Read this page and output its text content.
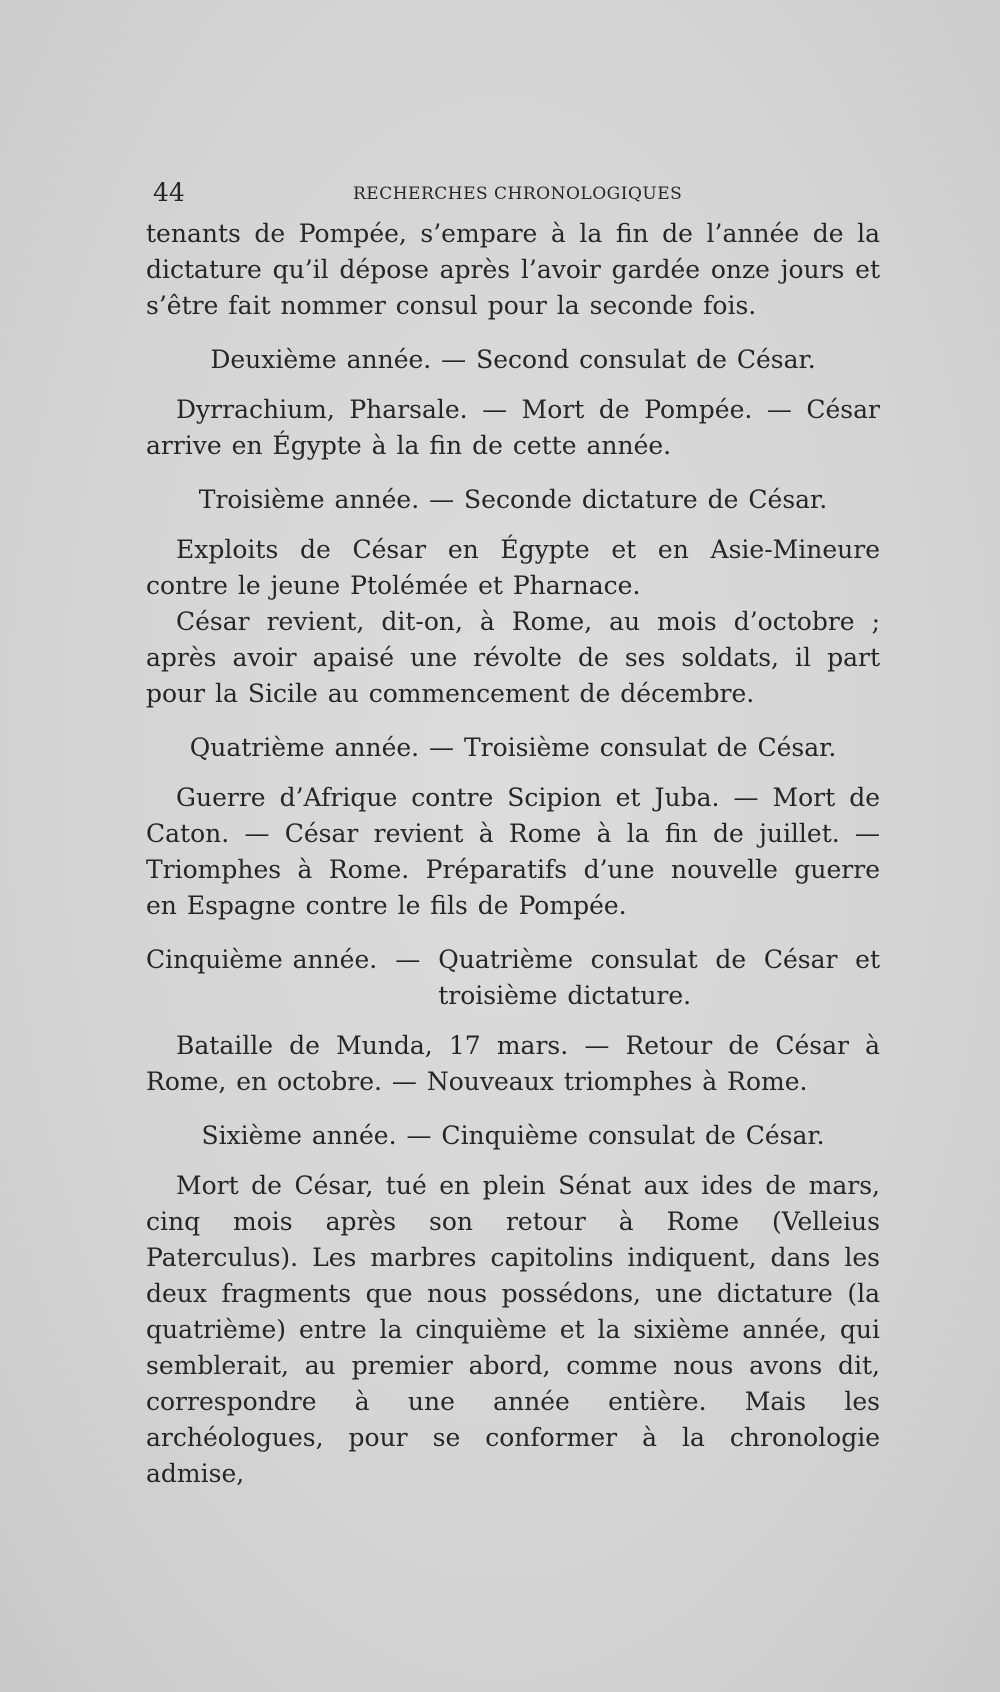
44	RECHERCHES CHRONOLOGIQUES

tenants de Pompée, s’empare à la fin de l’année de la dictature qu’il dépose après l’avoir gardée onze jours et s’être fait nommer consul pour la seconde fois.

Deuxième année. — Second consulat de César.

Dyrrachium, Pharsale. — Mort de Pompée. — César arrive en Égypte à la fin de cette année.

Troisième année. — Seconde dictature de César.

Exploits de César en Égypte et en Asie-Mineure contre le jeune Ptolémée et Pharnace.

César revient, dit-on, à Rome, au mois d’octobre ; après avoir apaisé une révolte de ses soldats, il part pour la Sicile au commencement de décembre.

Quatrième année. — Troisième consulat de César.

Guerre d’Afrique contre Scipion et Juba. — Mort de Caton. — César revient à Rome à la fin de juillet. — Triomphes à Rome. Préparatifs d’une nouvelle guerre en Espagne contre le fils de Pompée.

Cinquième année. — Quatrième consulat de César et
troisième dictature.

Bataille de Munda, 17 mars. — Retour de César à Rome, en octobre. — Nouveaux triomphes à Rome.

Sixième année. — Cinquième consulat de César.

Mort de César, tué en plein Sénat aux ides de mars, cinq mois après son retour à Rome (Velleius Paterculus). Les marbres capitolins indiquent, dans les deux fragments que nous possédons, une dictature (la quatrième) entre la cinquième et la sixième année, qui semblerait, au premier abord, comme nous avons dit, correspondre à une année entière. Mais les archéologues, pour se conformer à la chronologie admise,
